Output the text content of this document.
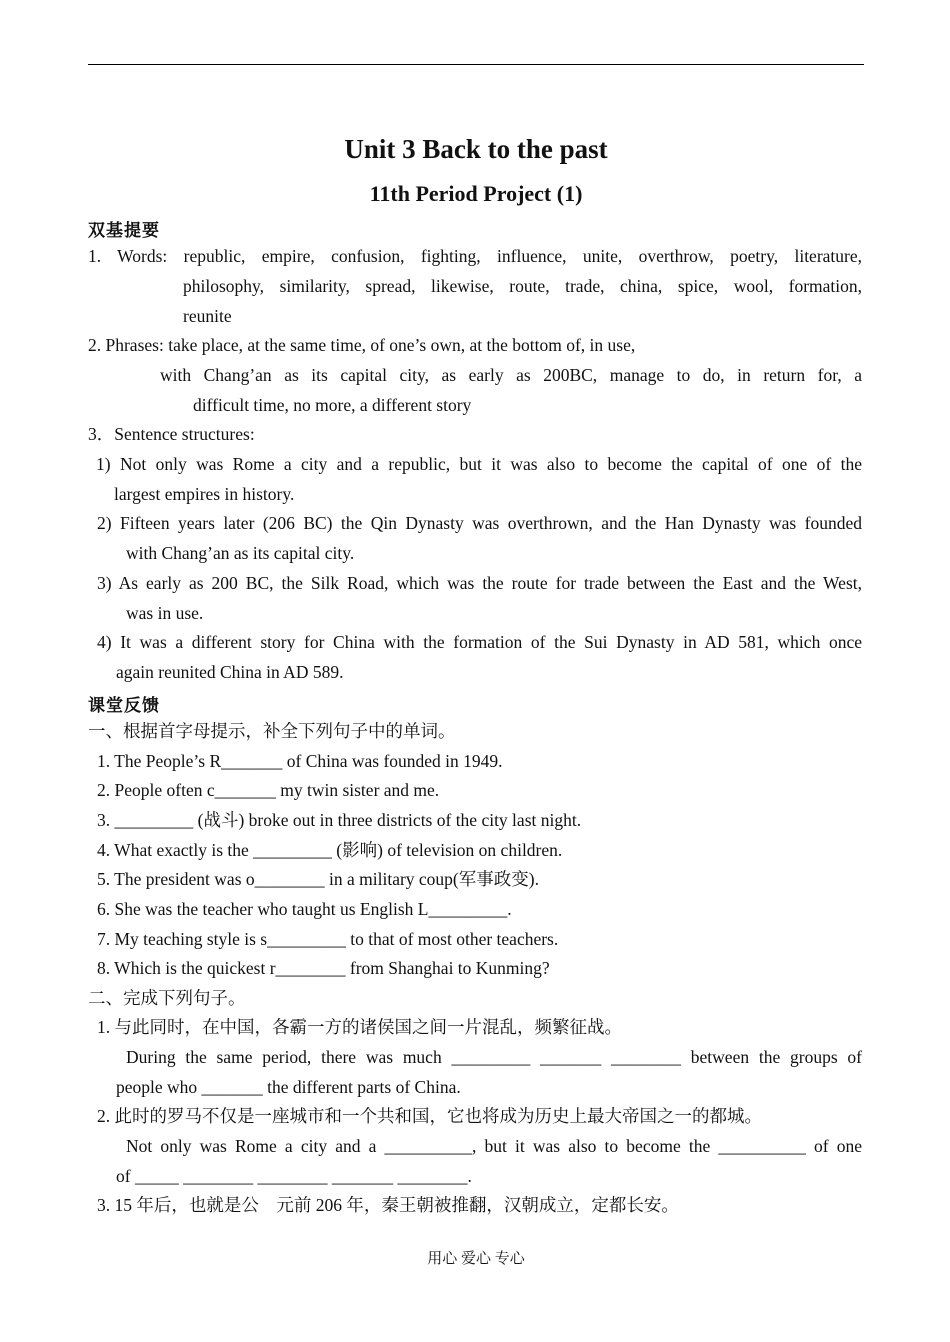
Unit 3 Back to the past
11th Period Project (1)
双基提要
1. Words: republic, empire, confusion, fighting, influence, unite, overthrow, poetry, literature,
philosophy, similarity, spread, likewise, route, trade, china, spice, wool, formation,
reunite
2. Phrases: take place, at the same time, of one’s own, at the bottom of, in use,
with Chang’an as its capital city, as early as 200BC, manage to do, in return for, a
difficult time, no more, a different story
3．Sentence structures:
1) Not only was Rome a city and a republic, but it was also to become the capital of one of the
largest empires in history.
2) Fifteen years later (206 BC) the Qin Dynasty was overthrown, and the Han Dynasty was founded
with Chang’an as its capital city.
3) As early as 200 BC, the Silk Road, which was the route for trade between the East and the West,
was in use.
4) It was a different story for China with the formation of the Sui Dynasty in AD 581, which once
again reunited China in AD 589.
课堂反馈
一、根据首字母提示，补全下列句子中的单词。
1. The People’s R_______ of China was founded in 1949.
2. People often c_______ my twin sister and me.
3. _________ (战斗) broke out in three districts of the city last night.
4. What exactly is the _________ (影响) of television on children.
5. The president was o________ in a military coup(军事政变).
6. She was the teacher who taught us English L_________.
7. My teaching style is s_________ to that of most other teachers.
8. Which is the quickest r________ from Shanghai to Kunming?
二、完成下列句子。
1. 与此同时，在中国，各霸一方的诸侯国之间一片混乱，频繁征战。
During the same period, there was much _________ _______ ________ between the groups of
people who _______ the different parts of China.
2. 此时的罗马不仅是一座城市和一个共和国，它也将成为历史上最大帝国之一的都城。
Not only was Rome a city and a __________, but it was also to become the __________ of one
of _____ ________ ________ _______ ________.
3. 15 年后，也就是公　元前 206 年，秦王朝被推翻，汉朝成立，定都长安。
用心 爱心 专心
